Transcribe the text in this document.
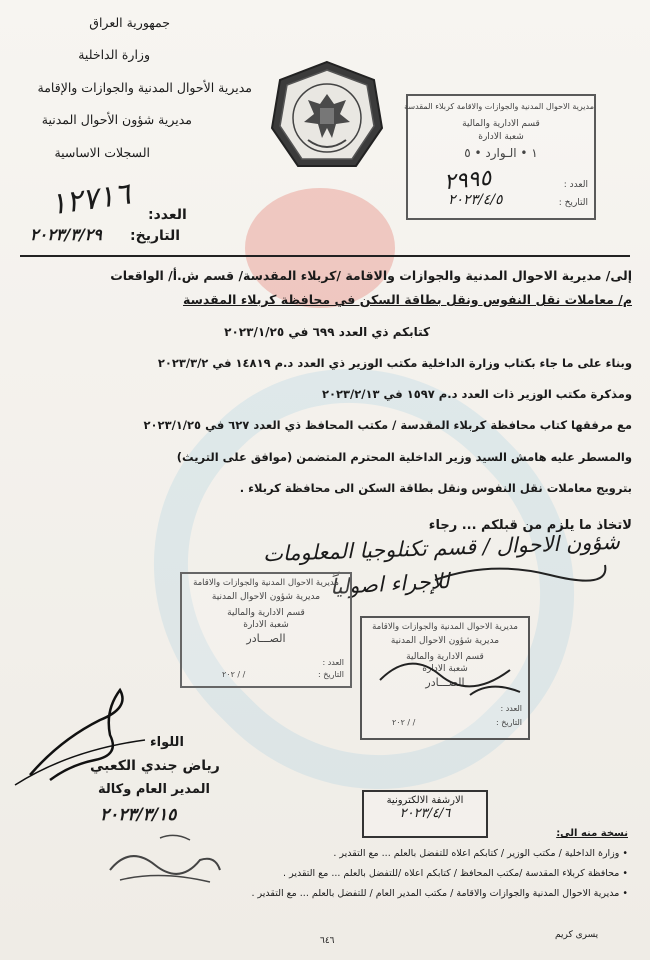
جمهورية العراق
وزارة الداخلية
مديرية الأحوال المدنية والجوازات والإقامة
مديرية شؤون الأحوال المدنية
السجلات الاساسية
العدد:
١٢٧١٦
التاريخ:
٢٠٢٣/٣/٢٩
مديرية الاحوال المدنية والجوازات والاقامة كربلاء المقدسة
قسم الادارية والمالية
شعبة الادارة
١ • الـوارد • ٥
العدد :
٢٩٩٥
التاريخ :
٢٠٢٣/٤/٥
إلى/ مديرية الاحوال المدنية والجوازات والاقامة /كربلاء المقدسة/ قسم ش.أ/ الواقعات
م/ معاملات نقل النفوس ونقل بطاقة السكن في محافظة كربلاء المقدسة
كتابكم ذي العدد ٦٩٩ في ٢٠٢٣/١/٢٥
وبناء على ما جاء بكتاب وزارة الداخلية مكتب الوزير ذي العدد د.م ١٤٨١٩ في ٢٠٢٣/٣/٢
ومذكرة مكتب الوزير ذات العدد د.م ١٥٩٧ في ٢٠٢٣/٢/١٣
مع مرفقها كتاب محافظة كربلاء المقدسة / مكتب المحافظ ذي العدد ٦٢٧ في ٢٠٢٣/١/٢٥
والمسطر عليه هامش السيد وزير الداخلية المحترم المتضمن (موافق على التريث)
بترويج معاملات نقل النفوس ونقل بطاقة السكن الى محافظة كربلاء .
لاتخاذ ما يلزم من قبلكم ... رجاء
شؤون الاحوال / قسم تكنلوجيا المعلومات
للإجراء اصولياً
مديرية الاحوال المدنية والجوازات والاقامة
مديرية شؤون الاحوال المدنية
قسم الادارية والمالية
شعبة الادارة
الصـــادر
العدد :
التاريخ :
٢٠٢ / /
مديرية الاحوال المدنية والجوازات والاقامة
مديرية شؤون الاحوال المدنية
قسم الادارية والمالية
شعبة الادارة
الصـــادر
العدد :
التاريخ :
٢٠٢ / /
اللواء
رياض جندي الكعبي
المدير العام وكالة
٢٠٢٣/٣/١٥
الارشفة الالكترونية
٢٠٢٣/٤/٦
نسخة منه الى:
• وزارة الداخلية / مكتب الوزير / كتابكم اعلاه للتفضل بالعلم ... مع التقدير .
• محافظة كربلاء المقدسة /مكتب المحافظ / كتابكم اعلاه /للتفضل بالعلم ... مع التقدير .
• مديرية الاحوال المدنية والجوازات والاقامة / مكتب المدير العام / للتفضل بالعلم ... مع التقدير .
يسرى كريم
٦٤٦
